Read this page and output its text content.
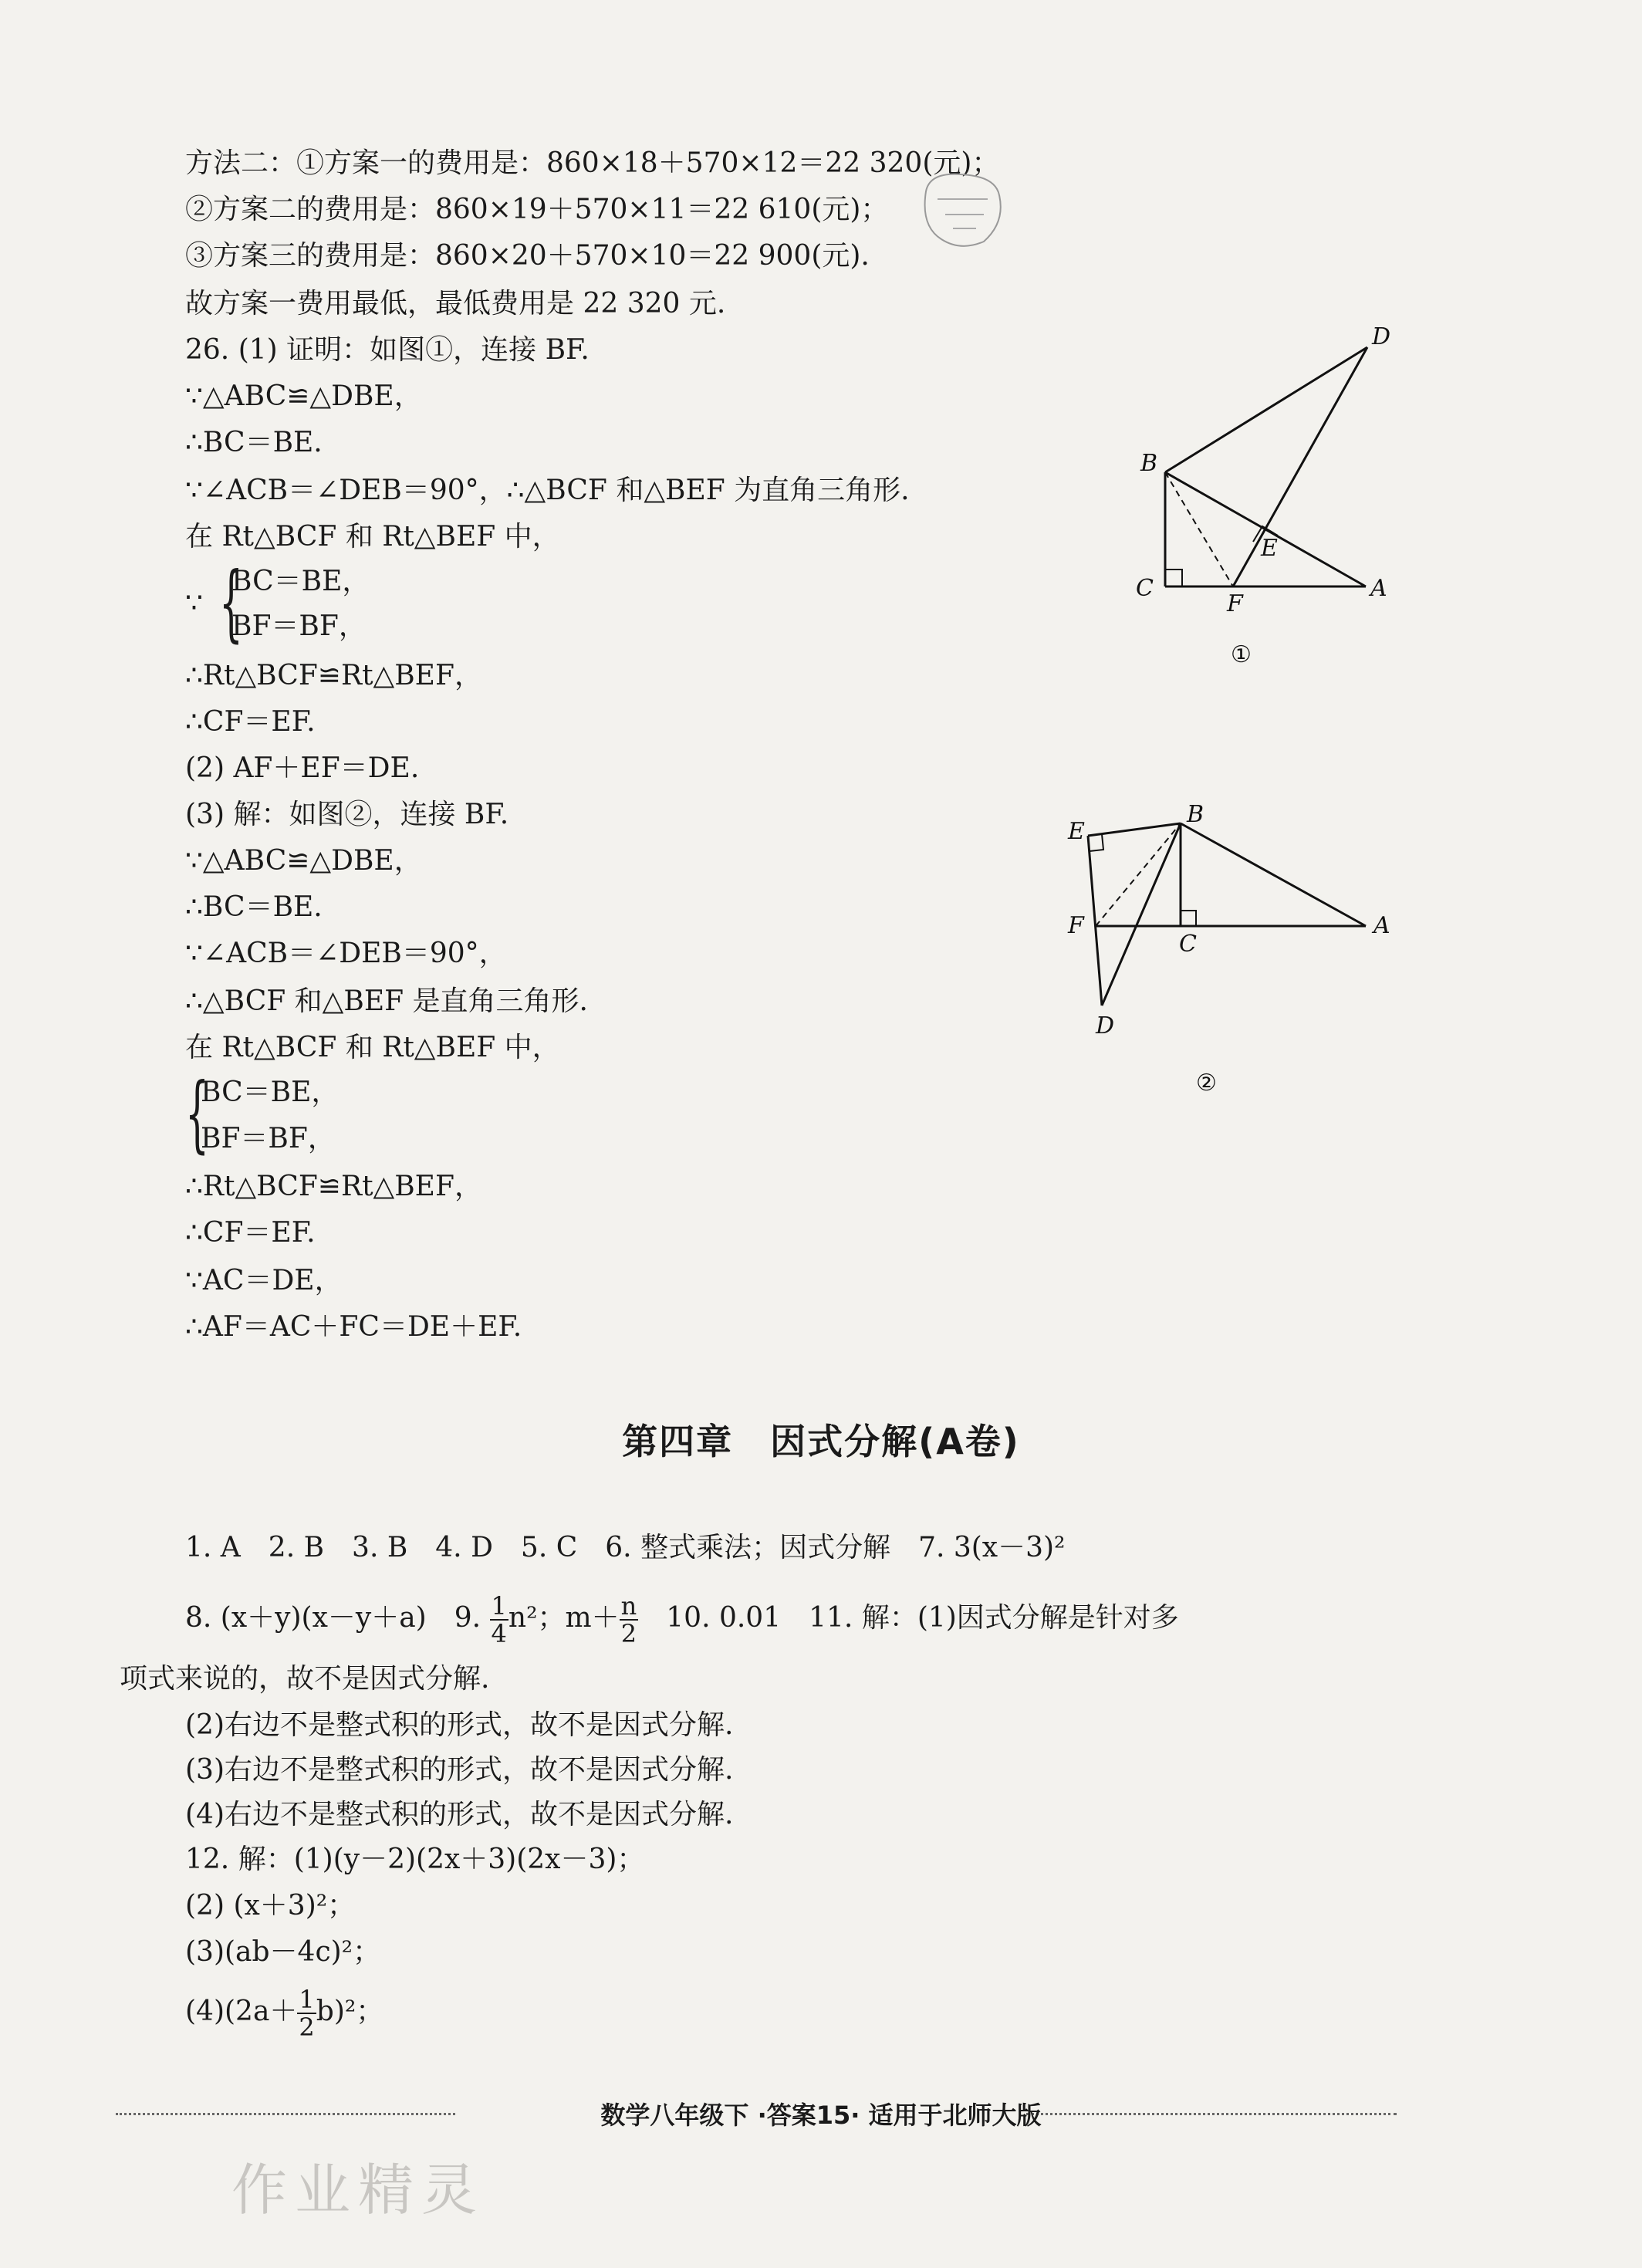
方法二：①方案一的费用是：860×18＋570×12＝22 320(元)；
②方案二的费用是：860×19＋570×11＝22 610(元)；
③方案三的费用是：860×20＋570×10＝22 900(元).
故方案一费用最低，最低费用是 22 320 元.
26. (1) 证明：如图①，连接 BF.
∵△ABC≌△DBE，
∴BC＝BE.
∵∠ACB＝∠DEB＝90°，∴△BCF 和△BEF 为直角三角形.
在 Rt△BCF 和 Rt△BEF 中，
∵ {
BC＝BE，
BF＝BF，
∴Rt△BCF≌Rt△BEF，
∴CF＝EF.
(2) AF＋EF＝DE.
(3) 解：如图②，连接 BF.
∵△ABC≌△DBE，
∴BC＝BE.
∵∠ACB＝∠DEB＝90°，
∴△BCF 和△BEF 是直角三角形.
在 Rt△BCF 和 Rt△BEF 中，
{
BC＝BE，
BF＝BF，
∴Rt△BCF≌Rt△BEF，
∴CF＝EF.
∵AC＝DE，
∴AF＝AC＋FC＝DE＋EF.
D
B
E
C
F
A
①
E
B
F
C
A
D
②
第四章　因式分解(A卷)
1. A　2. B　3. B　4. D　5. C　6. 整式乘法；因式分解　7. 3(x－3)²
8. (x＋y)(x－y＋a)　9. $\frac{1}{4} n^2$；$m+ \frac{n}{2}$ 　10. 0.01　11. 解：(1)因式分解是针对多
项式来说的，故不是因式分解.
(2)右边不是整式积的形式，故不是因式分解.
(3)右边不是整式积的形式，故不是因式分解.
(4)右边不是整式积的形式，故不是因式分解.
12. 解：(1)(y－2)(2x＋3)(2x－3)；
(2) (x＋3)²；
(3)(ab－4c)²；
$(4)(2a+ \frac{1}{2} b)^2$；
数学八年级下 ·答案15· 适用于北师大版
作业精灵
